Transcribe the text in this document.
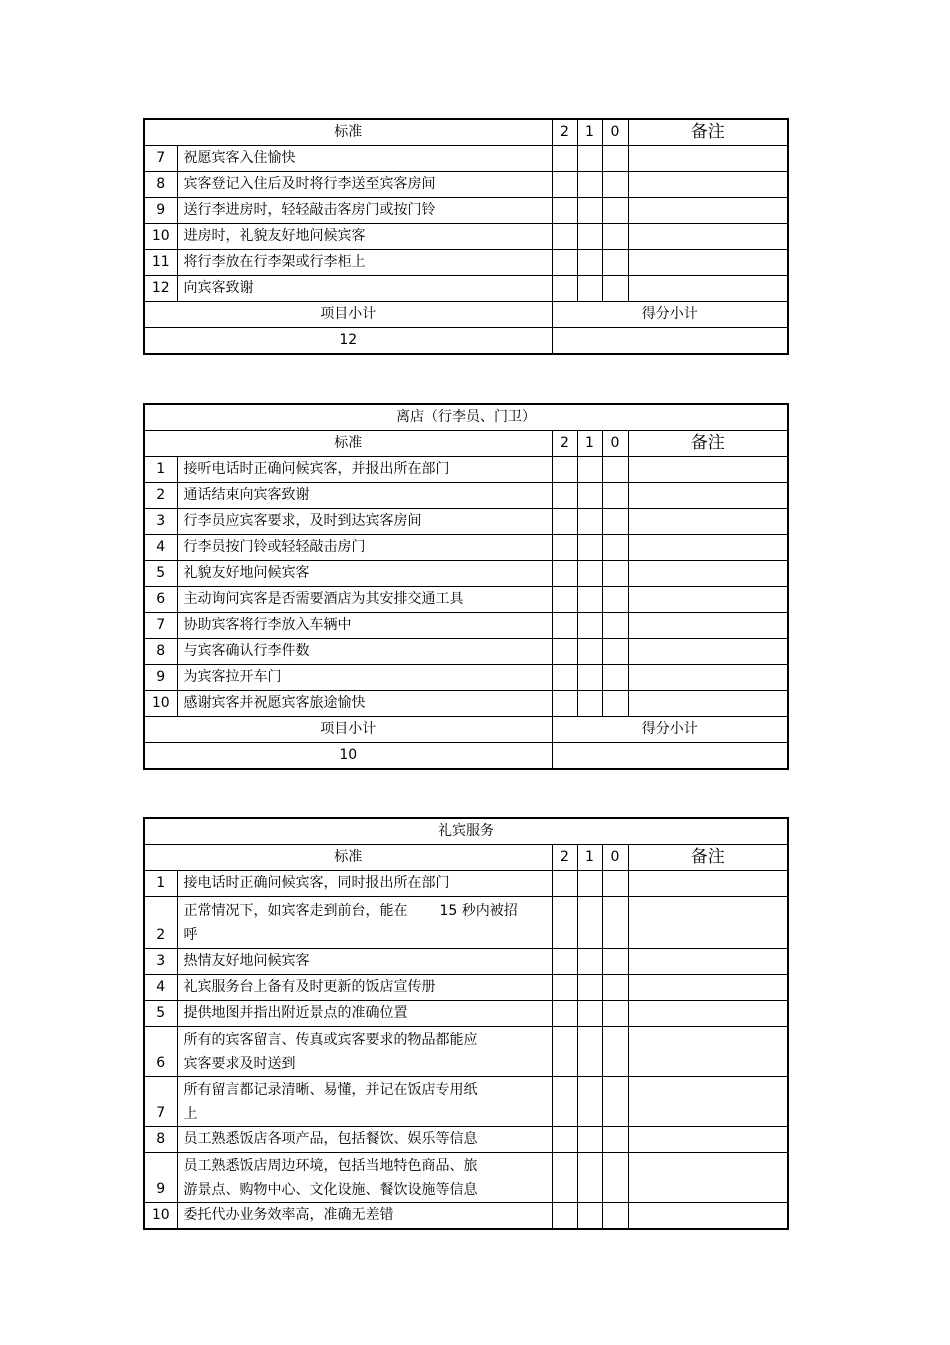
标准		2	1	0	备注
7	祝愿宾客入住愉快				
8	宾客登记入住后及时将行李送至宾客房间				
9	送行李进房时，轻轻敲击客房门或按门铃				
10	进房时，礼貌友好地问候宾客				
11	将行李放在行李架或行李柜上				
12	向宾客致谢				
项目小计		得分小计			
12					
离店（行李员、门卫）					
标准		2	1	0	备注
1	接听电话时正确问候宾客，并报出所在部门				
2	通话结束向宾客致谢				
3	行李员应宾客要求，及时到达宾客房间				
4	行李员按门铃或轻轻敲击房门				
5	礼貌友好地问候宾客				
6	主动询问宾客是否需要酒店为其安排交通工具				
7	协助宾客将行李放入车辆中				
8	与宾客确认行李件数				
9	为宾客拉开车门				
10	感谢宾客并祝愿宾客旅途愉快				
项目小计		得分小计			
10					
礼宾服务					
标准		2	1	0	备注
1	接电话时正确问候宾客，同时报出所在部门				
2	正常情况下，如宾客走到前台，能在 15 秒内被招
呼				

3	热情友好地问候宾客				
4	礼宾服务台上备有及时更新的饭店宣传册				
5	提供地图并指出附近景点的准确位置				
6	所有的宾客留言、传真或宾客要求的物品都能应
宾客要求及时送到				

7	所有留言都记录清晰、易懂，并记在饭店专用纸
上				

8	员工熟悉饭店各项产品，包括餐饮、娱乐等信息				
9	员工熟悉饭店周边环境，包括当地特色商品、旅
游景点、购物中心、文化设施、餐饮设施等信息				

10	委托代办业务效率高，准确无差错				
